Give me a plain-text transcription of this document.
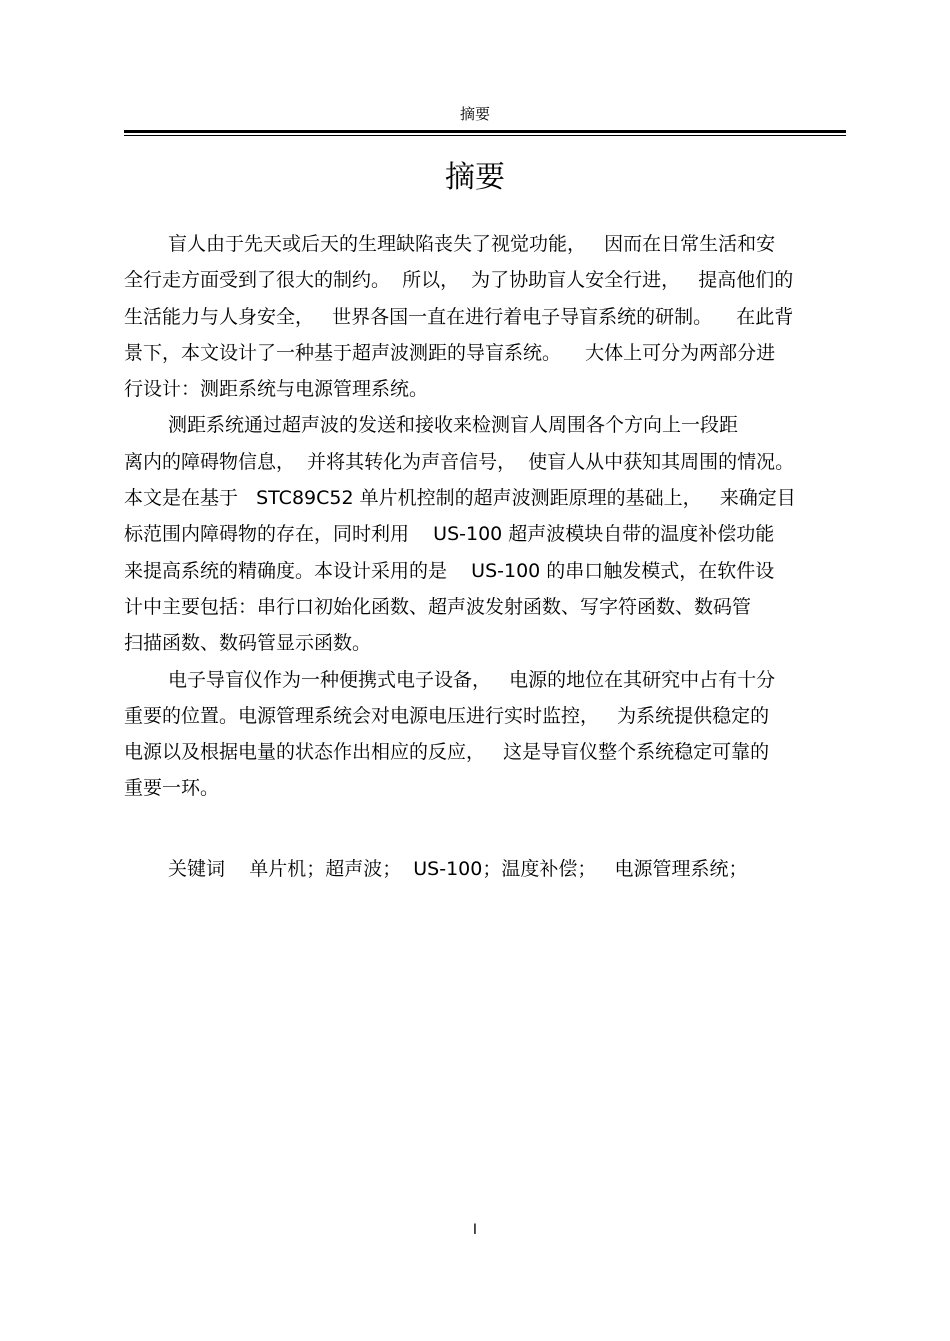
摘要
摘要
盲人由于先天或后天的生理缺陷丧失了视觉功能，   因而在日常生活和安
全行走方面受到了很大的制约。  所以，  为了协助盲人安全行进，   提高他们的
生活能力与人身安全，   世界各国一直在进行着电子导盲系统的研制。    在此背
景下，本文设计了一种基于超声波测距的导盲系统。    大体上可分为两部分进
行设计：测距系统与电源管理系统。
测距系统通过超声波的发送和接收来检测盲人周围各个方向上一段距
离内的障碍物信息，  并将其转化为声音信号，  使盲人从中获知其周围的情况。
本文是在基于   STC89C52 单片机控制的超声波测距原理的基础上，   来确定目
标范围内障碍物的存在，同时利用    US-100 超声波模块自带的温度补偿功能
来提高系统的精确度。本设计采用的是    US-100 的串口触发模式，在软件设
计中主要包括：串行口初始化函数、超声波发射函数、写字符函数、数码管
扫描函数、数码管显示函数。
电子导盲仪作为一种便携式电子设备，   电源的地位在其研究中占有十分
重要的位置。电源管理系统会对电源电压进行实时监控，   为系统提供稳定的
电源以及根据电量的状态作出相应的反应，   这是导盲仪整个系统稳定可靠的
重要一环。
关键词 单片机；超声波；  US-100；温度补偿；   电源管理系统；
I
